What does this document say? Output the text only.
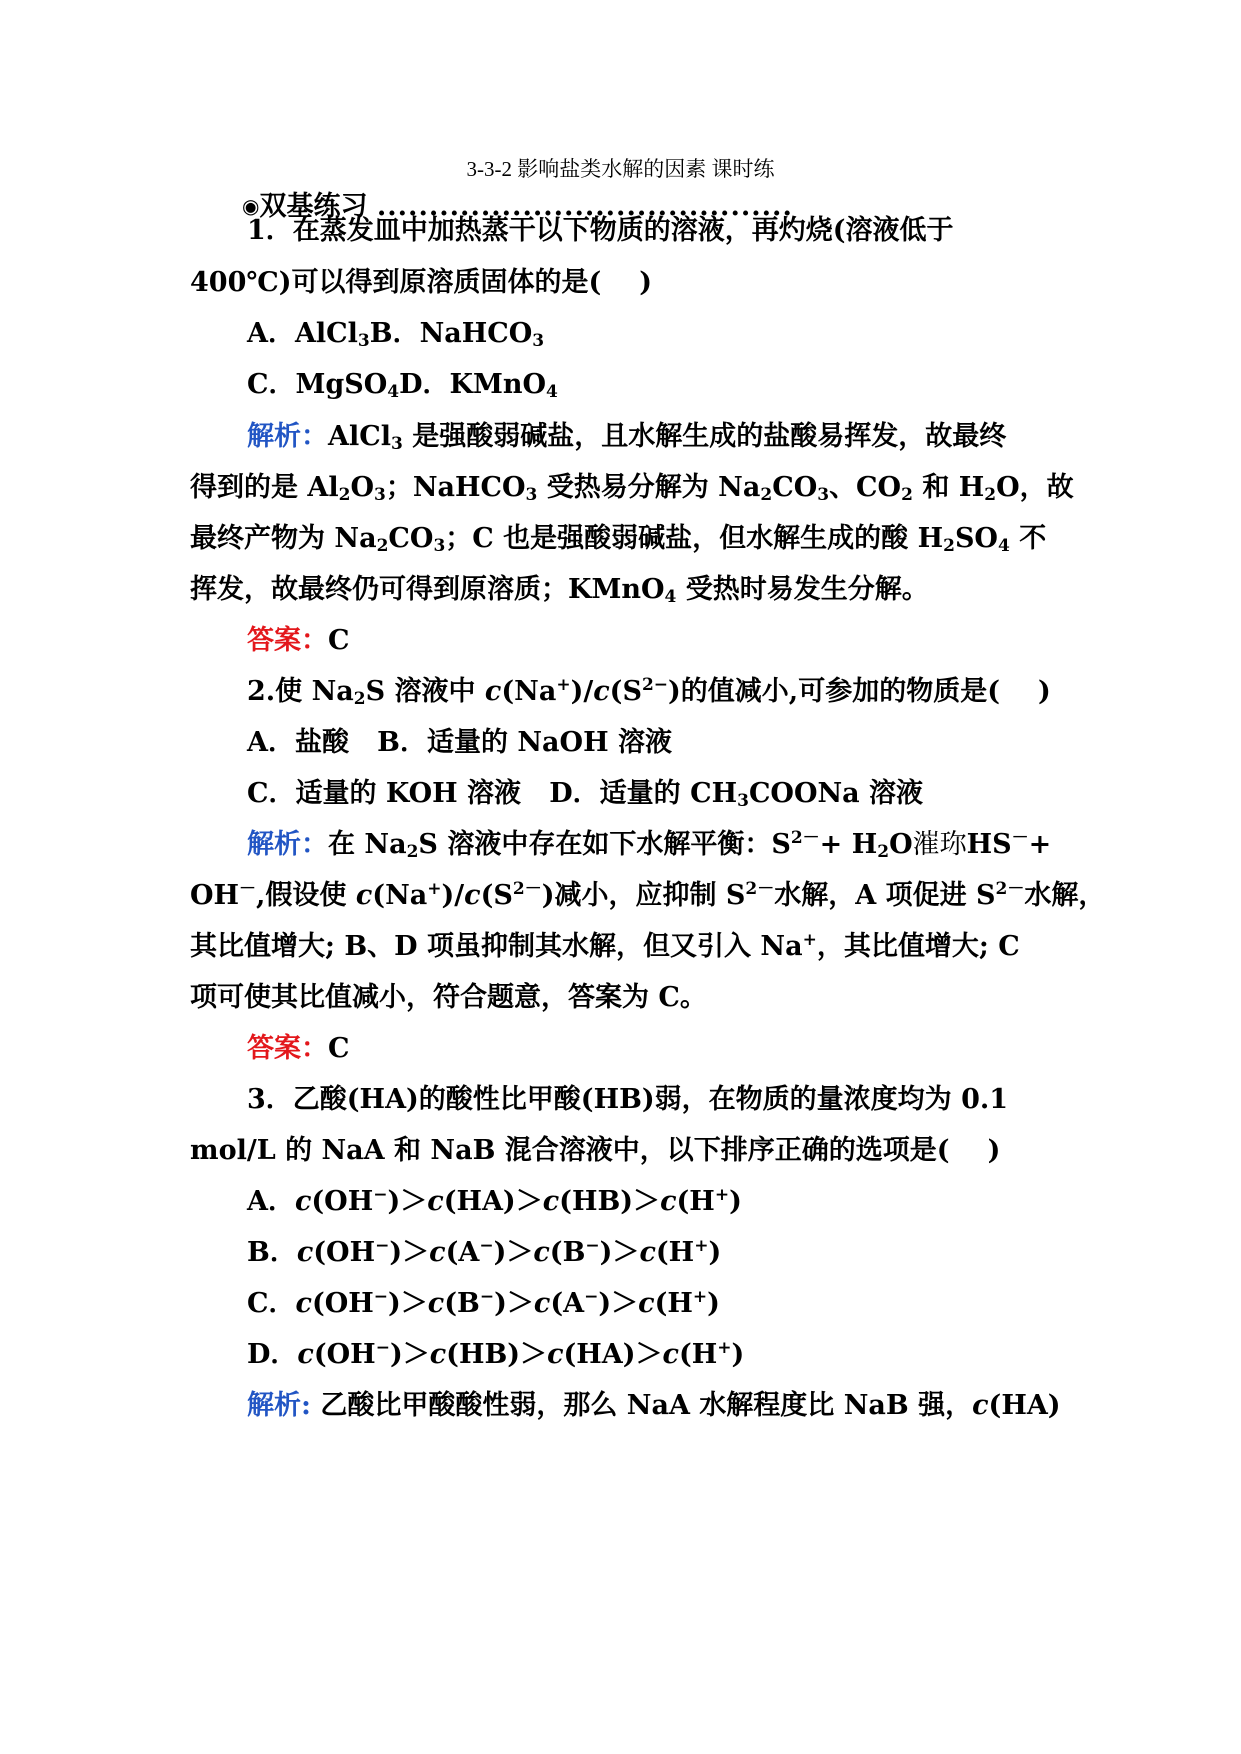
3-3-2 影响盐类水解的因素 课时练
◉双基练习 ........................................
1．在蒸发皿中加热蒸干以下物质的溶液，再灼烧(溶液低于
400℃)可以得到原溶质固体的是( )
A．AlCl$_3$B．NaHCO$_3$
C．MgSO$_4$D．KMnO$_4$
解析：AlCl$_3$ 是强酸弱碱盐，且水解生成的盐酸易挥发，故最终
得到的是 $Al_2O_3$；NaHCO$_3$ 受热易分解为 $Na_2CO_3$、$CO_2$ 和 $H_2O$，故
最终产物为 $Na_2CO_3$；C 也是强酸弱碱盐，但水解生成的酸 $H_2SO_4$ 不
挥发，故最终仍可得到原溶质；KMnO$_4$ 受热时易发生分解。
答案：C
2.使 $Na_2S$ 溶液中 $c(Na^+)/c(S^{2-})$的值减小,可参加的物质是( )
A．盐酸 B．适量的 NaOH 溶液
C．适量的 KOH 溶液 D．适量的 $CH_3COONa$ 溶液
解析：在 $Na_2S$ 溶液中存在如下水解平衡：$S^{2-}+ H_2O$漼珎HS－+
OH－,假设使 $c(Na^+)/c(S^{2-})$减小，应抑制 $S^{2-}$水解，A 项促进 $S^{2-}$水解，
其比值增大; B、D 项虽抑制其水解，但又引入 Na+，其比值增大; C
项可使其比值减小，符合题意，答案为 C。
答案：C
3．乙酸(HA)的酸性比甲酸(HB)弱，在物质的量浓度均为 0.1
mol/L 的 NaA 和 NaB 混合溶液中，以下排序正确的选项是( )
A．c(OH−)＞c(HA)＞c(HB)＞c(H+)
B．c(OH−)＞c(A−)＞c(B−)＞c(H+)
C．c(OH−)＞c(B−)＞c(A−)＞c(H+)
D．c(OH−)＞c(HB)＞c(HA)＞c(H+)
解析: 乙酸比甲酸酸性弱，那么 NaA 水解程度比 NaB 强，c(HA)
